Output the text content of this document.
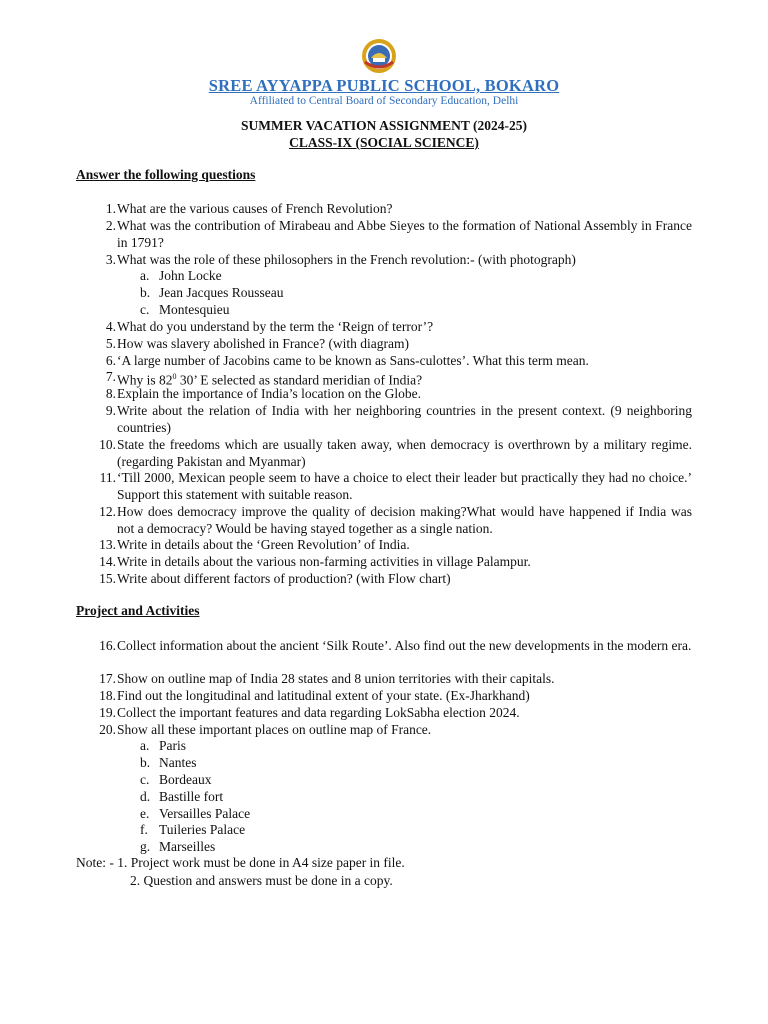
SREE AYYAPPA PUBLIC SCHOOL, BOKARO
Affiliated to Central Board of Secondary Education, Delhi
SUMMER VACATION ASSIGNMENT (2024-25)
CLASS-IX (SOCIAL SCIENCE)
Answer the following questions
1. What are the various causes of French Revolution?
2. What was the contribution of Mirabeau and Abbe Sieyes to the formation of National Assembly in France in 1791?
3. What was the role of these philosophers in the French revolution:- (with photograph)
a. John Locke
b. Jean Jacques Rousseau
c. Montesquieu
4. What do you understand by the term the ‘Reign of terror’?
5. How was slavery abolished in France? (with diagram)
6. ‘A large number of Jacobins came to be known as Sans-culottes’. What this term mean.
7. Why is $82^0$ 30’ E selected as standard meridian of India?
8. Explain the importance of India’s location on the Globe.
9. Write about the relation of India with her neighboring countries in the present context. (9 neighboring countries)
10. State the freedoms which are usually taken away, when democracy is overthrown by a military regime. (regarding Pakistan and Myanmar)
11. ‘Till 2000, Mexican people seem to have a choice to elect their leader but practically they had no choice.’ Support this statement with suitable reason.
12. How does democracy improve the quality of decision making?What would have happened if India was not a democracy? Would be having stayed together as a single nation.
13. Write in details about the ‘Green Revolution’ of India.
14. Write in details about the various non-farming activities in village Palampur.
15. Write about different factors of production? (with Flow chart)
Project and Activities
16. Collect information about the ancient ‘Silk Route’. Also find out the new developments in the modern era.
17. Show on outline map of India 28 states and 8 union territories with their capitals.
18. Find out the longitudinal and latitudinal extent of your state. (Ex-Jharkhand)
19. Collect the important features and data regarding LokSabha election 2024.
20. Show all these important places on outline map of France.
a. Paris
b. Nantes
c. Bordeaux
d. Bastille fort
e. Versailles Palace
f. Tuileries Palace
g. Marseilles
Note: - 1. Project work must be done in A4 size paper in file.
2. Question and answers must be done in a copy.
